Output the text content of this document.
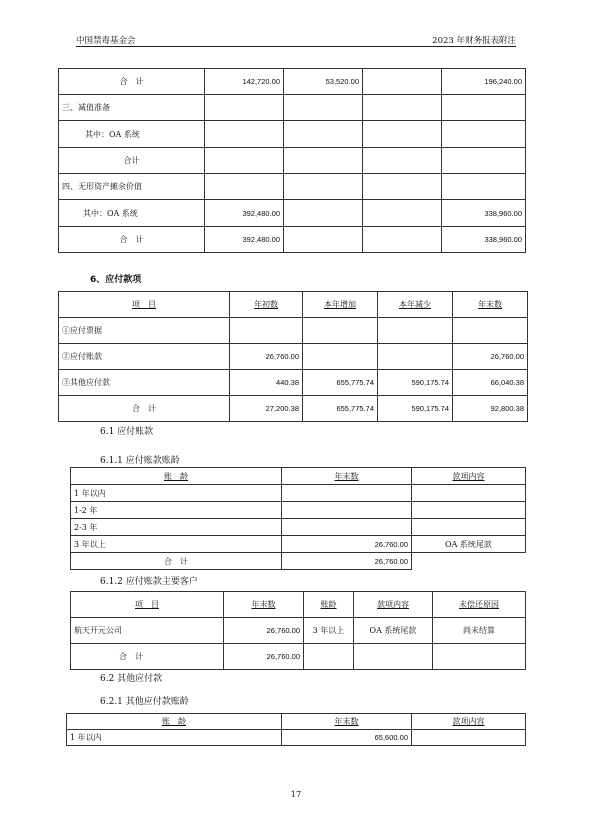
中国禁毒基金会	2023 年财务报表附注
合　计	142,720.00	53,520.00		196,240.00
三、减值准备				
其中：OA 系统				
合计				
四、无形资产摊余价值				
其中：OA 系统	392,480.00			338,960.00
合　计	392,480.00			338,960.00
6、应付款项
项　目	年初数	本年增加	本年减少	年末数
①应付票据				
②应付账款	26,760.00			26,760.00
③其他应付款	440.38	655,775.74	590,175.74	66,040.38
合　计	27,200.38	655,775.74	590,175.74	92,800.38
6.1 应付账款
6.1.1 应付账款账龄
账　龄	年末数	款项内容
1 年以内		
1-2 年		
2-3 年		
3 年以上	26,760.00	OA 系统尾款
合　计	26,760.00	
6.1.2 应付账款主要客户
项　目	年末数	账龄	款项内容	未偿还原因
航天开元公司	26,760.00	3 年以上	OA 系统尾款	尚未结算
合　计	26,760.00			
6.2 其他应付款
6.2.1 其他应付款账龄
账　龄	年末数	款项内容
1 年以内	65,600.00	
17
